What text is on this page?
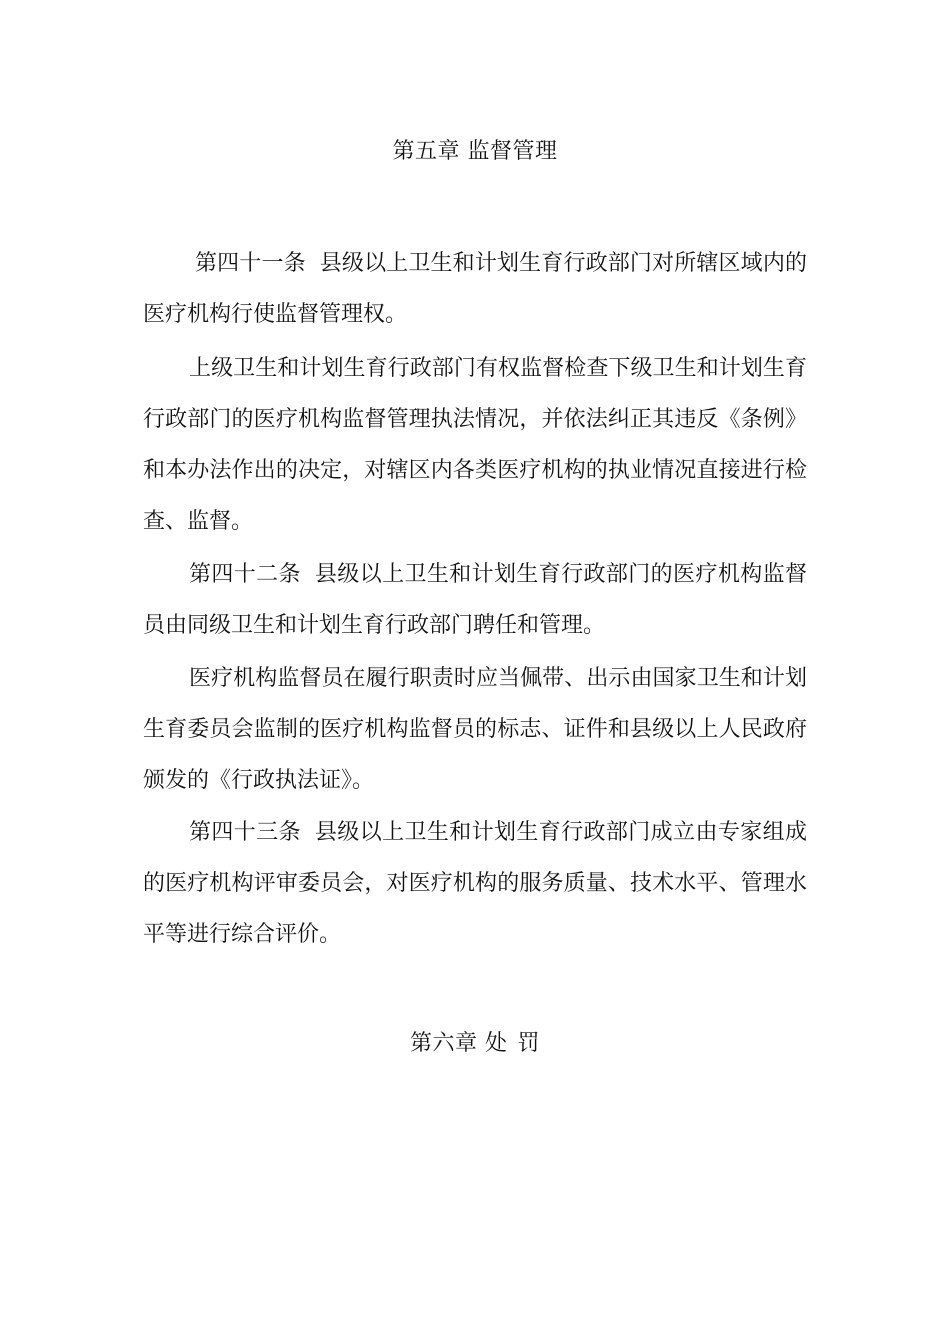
第五章 监督管理

第四十一条 县级以上卫生和计划生育行政部门对所辖区域内的医疗机构行使监督管理权。

上级卫生和计划生育行政部门有权监督检查下级卫生和计划生育行政部门的医疗机构监督管理执法情况，并依法纠正其违反《条例》和本办法作出的决定，对辖区内各类医疗机构的执业情况直接进行检查、监督。

第四十二条 县级以上卫生和计划生育行政部门的医疗机构监督员由同级卫生和计划生育行政部门聘任和管理。

医疗机构监督员在履行职责时应当佩带、出示由国家卫生和计划生育委员会监制的医疗机构监督员的标志、证件和县级以上人民政府颁发的《行政执法证》。

第四十三条 县级以上卫生和计划生育行政部门成立由专家组成的医疗机构评审委员会，对医疗机构的服务质量、技术水平、管理水平等进行综合评价。

第六章 处 罚
